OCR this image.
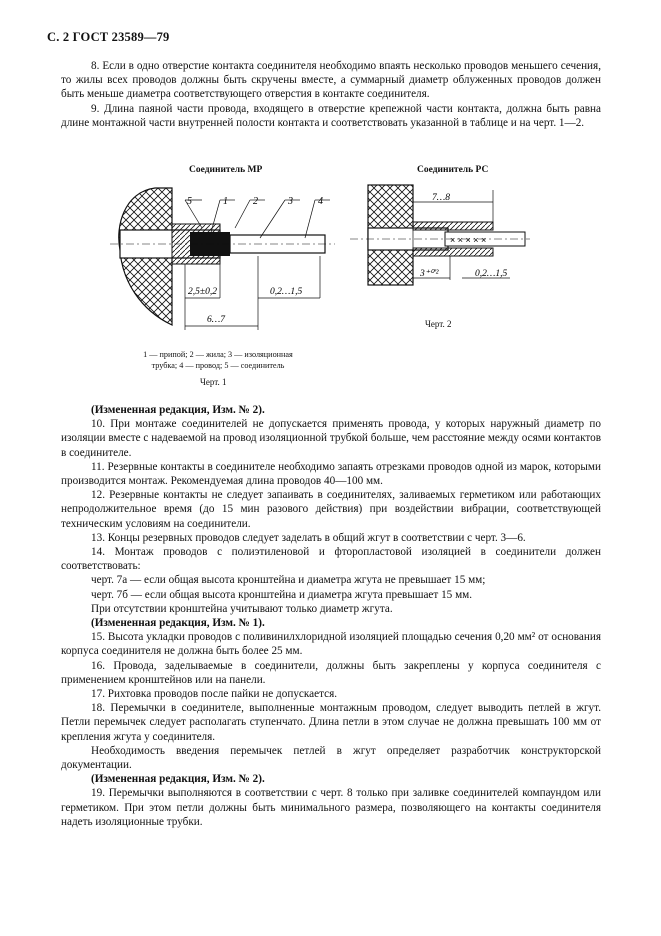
С. 2 ГОСТ 23589—79

8. Если в одно отверстие контакта соединителя необходимо впаять несколько проводов меньшего сечения, то жилы всех проводов должны быть скручены вместе, а суммарный диаметр облуженных проводов должен быть меньше диаметра соответствующего отверстия в контакте соединителя.

9. Длина паяной части провода, входящего в отверстие крепежной части контакта, должна быть равна длине монтажной части внутренней полости контакта и соответствовать указанной в таблице и на черт. 1—2.

Соединитель МР
5	1	2	3	4
2,5±0,2	0,2…1,5
6…7
1 — припой; 2 — жила; 3 — изоляционная
трубка; 4 — провод; 5 — соединитель
Черт. 1
Соединитель РС
× × × × ×
7…8
3⁺⁰'²	0,2…1,5
Черт. 2

(Измененная редакция, Изм. № 2).

10. При монтаже соединителей не допускается применять провода, у которых наружный диаметр по изоляции вместе с надеваемой на провод изоляционной трубкой больше, чем расстояние между осями контактов в соединителе.

11. Резервные контакты в соединителе необходимо запаять отрезками проводов одной из марок, которыми производится монтаж. Рекомендуемая длина проводов 40—100 мм.

12. Резервные контакты не следует запаивать в соединителях, заливаемых герметиком или работающих непродолжительное время (до 15 мин разового действия) при воздействии вибрации, соответствующей техническим условиям на соединители.

13. Концы резервных проводов следует заделать в общий жгут в соответствии с черт. 3—6.

14. Монтаж проводов с полиэтиленовой и фторопластовой изоляцией в соединители должен соответствовать:

черт. 7а — если общая высота кронштейна и диаметра жгута не превышает 15 мм;

черт. 7б — если общая высота кронштейна и диаметра жгута превышает 15 мм.

При отсутствии кронштейна учитывают только диаметр жгута.

(Измененная редакция, Изм. № 1).

15. Высота укладки проводов с поливинилхлоридной изоляцией площадью сечения 0,20 мм² от основания корпуса соединителя не должна быть более 25 мм.

16. Провода, заделываемые в соединители, должны быть закреплены у корпуса соединителя с применением кронштейнов или на панели.

17. Рихтовка проводов после пайки не допускается.

18. Перемычки в соединителе, выполненные монтажным проводом, следует выводить петлей в жгут. Петли перемычек следует располагать ступенчато. Длина петли в этом случае не должна превышать 100 мм от крепления жгута у соединителя.

Необходимость введения перемычек петлей в жгут определяет разработчик конструкторской документации.

(Измененная редакция, Изм. № 2).

19. Перемычки выполняются в соответствии с черт. 8 только при заливке соединителей компаундом или герметиком. При этом петли должны быть минимального размера, позволяющего на контакты соединителя надеть изоляционные трубки.
